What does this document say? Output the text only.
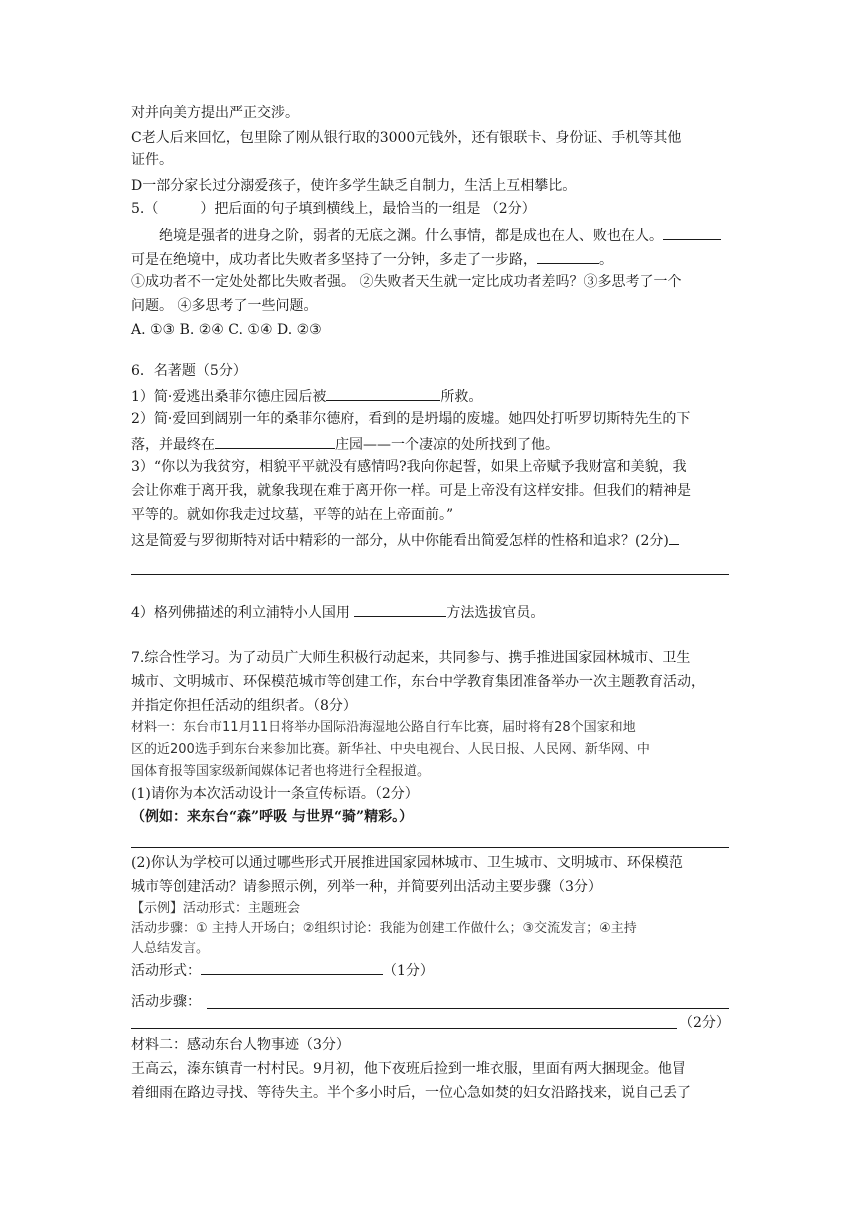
对并向美方提出严正交涉。
C老人后来回忆，包里除了刚从银行取的3000元钱外，还有银联卡、身份证、手机等其他
证件。
D一部分家长过分溺爱孩子，使许多学生缺乏自制力，生活上互相攀比。
5.（　　　）把后面的句子填到横线上，最恰当的一组是 （2分）
绝境是强者的进身之阶，弱者的无底之渊。什么事情，都是成也在人、败也在人。
可是在绝境中，成功者比失败者多坚持了一分钟，多走了一步路，	。
①成功者不一定处处都比失败者强。 ②失败者天生就一定比成功者差吗？③多思考了一个
问题。 ④多思考了一些问题。
A. ①③ B. ②④ C. ①④ D. ②③
6．名著题（5分）
1）简·爱逃出桑菲尔德庄园后被	所救。
2）简·爱回到阔别一年的桑菲尔德府，看到的是坍塌的废墟。她四处打听罗切斯特先生的下
落，并最终在	庄园——一个凄凉的处所找到了他。
3）“你以为我贫穷，相貌平平就没有感情吗?我向你起誓，如果上帝赋予我财富和美貌，我
会让你难于离开我，就象我现在难于离开你一样。可是上帝没有这样安排。但我们的精神是
平等的。就如你我走过坟墓，平等的站在上帝面前。”
这是简爱与罗彻斯特对话中精彩的一部分，从中你能看出简爱怎样的性格和追求？(2分)
4）格列佛描述的利立浦特小人国用	方法选拔官员。
7.综合性学习。为了动员广大师生积极行动起来，共同参与、携手推进国家园林城市、卫生
城市、文明城市、环保模范城市等创建工作，东台中学教育集团准备举办一次主题教育活动，
并指定你担任活动的组织者。（8分）
材料一：东台市11月11日将举办国际沿海湿地公路自行车比赛，届时将有28个国家和地
区的近200选手到东台来参加比赛。新华社、中央电视台、人民日报、人民网、新华网、中
国体育报等国家级新闻媒体记者也将进行全程报道。
(1)请你为本次活动设计一条宣传标语。（2分）
（例如：来东台“森”呼吸 与世界“骑”精彩。）
(2)你认为学校可以通过哪些形式开展推进国家园林城市、卫生城市、文明城市、环保模范
城市等创建活动？请参照示例，列举一种，并简要列出活动主要步骤（3分）
【示例】活动形式：主题班会
活动步骤：① 主持人开场白；②组织讨论：我能为创建工作做什么；③交流发言；④主持
人总结发言。
活动形式：	（1分）
活动步骤：
（2分）
材料二：感动东台人物事迹（3分）
王高云，溱东镇青一村村民。9月初，他下夜班后捡到一堆衣服，里面有两大捆现金。他冒
着细雨在路边寻找、等待失主。半个多小时后，一位心急如焚的妇女沿路找来，说自己丢了
